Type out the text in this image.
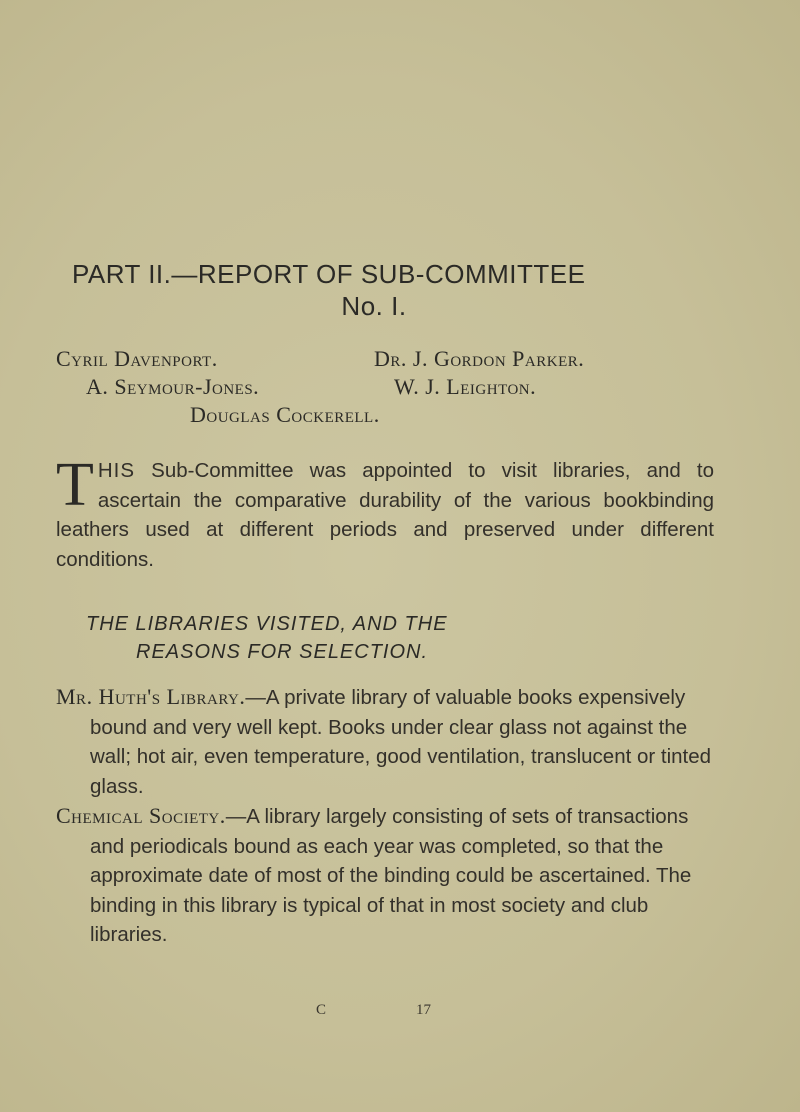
PART II.—REPORT OF SUB-COMMITTEE
No. I.
Cyril Davenport.	Dr. J. Gordon Parker.
A. Seymour-Jones.	W. J. Leighton.
Douglas Cockerell.

THIS Sub-Committee was appointed to visit libraries, and to ascertain the comparative durability of the various bookbinding leathers used at different periods and preserved under different conditions.

THE LIBRARIES VISITED, AND THE
REASONS FOR SELECTION.

Mr. Huth's Library.—A private library of valuable books expensively bound and very well kept. Books under clear glass not against the wall; hot air, even temperature, good ventilation, translucent or tinted glass.

Chemical Society.—A library largely consisting of sets of transactions and periodicals bound as each year was completed, so that the approximate date of most of the binding could be ascertained. The binding in this library is typical of that in most society and club libraries.

C	17
